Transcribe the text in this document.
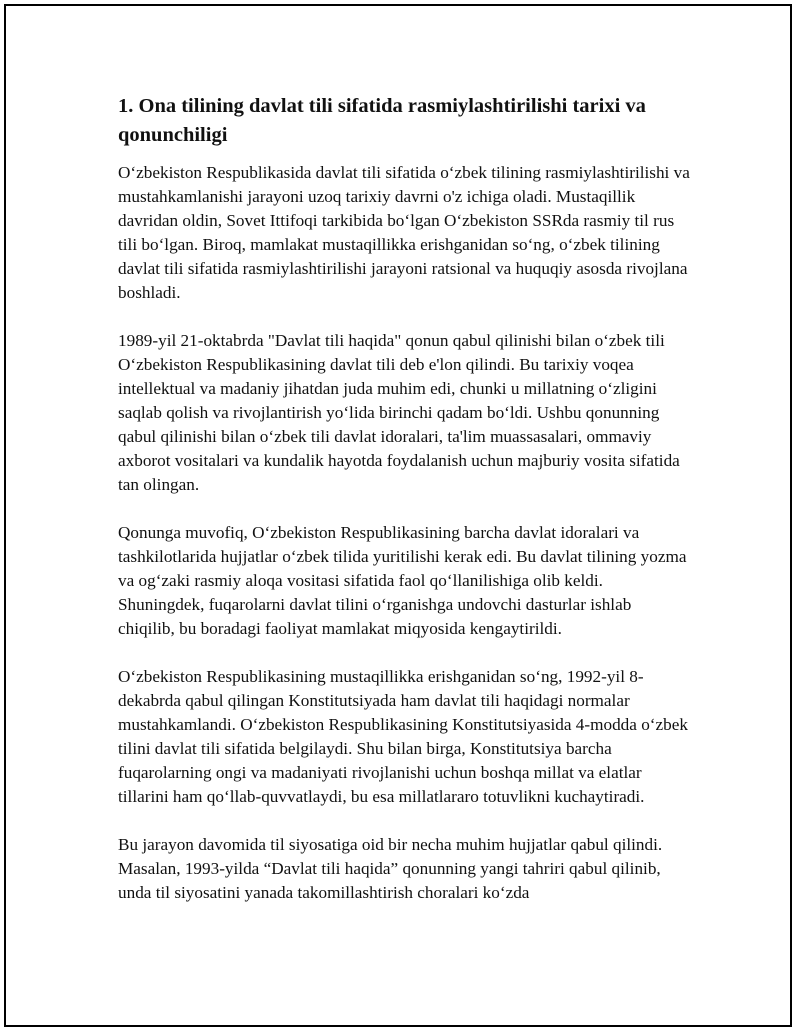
1. Ona tilining davlat tili sifatida rasmiylashtirilishi tarixi va qonunchiligi

O‘zbekiston Respublikasida davlat tili sifatida o‘zbek tilining rasmiylashtirilishi va mustahkamlanishi jarayoni uzoq tarixiy davrni o'z ichiga oladi. Mustaqillik davridan oldin, Sovet Ittifoqi tarkibida bo‘lgan O‘zbekiston SSRda rasmiy til rus tili bo‘lgan. Biroq, mamlakat mustaqillikka erishganidan so‘ng, o‘zbek tilining davlat tili sifatida rasmiylashtirilishi jarayoni ratsional va huquqiy asosda rivojlana boshladi.

1989-yil 21-oktabrda "Davlat tili haqida" qonun qabul qilinishi bilan o‘zbek tili O‘zbekiston Respublikasining davlat tili deb e'lon qilindi. Bu tarixiy voqea intellektual va madaniy jihatdan juda muhim edi, chunki u millatning o‘zligini saqlab qolish va rivojlantirish yo‘lida birinchi qadam bo‘ldi. Ushbu qonunning qabul qilinishi bilan o‘zbek tili davlat idoralari, ta'lim muassasalari, ommaviy axborot vositalari va kundalik hayotda foydalanish uchun majburiy vosita sifatida tan olingan.

Qonunga muvofiq, O‘zbekiston Respublikasining barcha davlat idoralari va tashkilotlarida hujjatlar o‘zbek tilida yuritilishi kerak edi. Bu davlat tilining yozma va og‘zaki rasmiy aloqa vositasi sifatida faol qo‘llanilishiga olib keldi. Shuningdek, fuqarolarni davlat tilini o‘rganishga undovchi dasturlar ishlab chiqilib, bu boradagi faoliyat mamlakat miqyosida kengaytirildi.

O‘zbekiston Respublikasining mustaqillikka erishganidan so‘ng, 1992-yil 8-dekabrda qabul qilingan Konstitutsiyada ham davlat tili haqidagi normalar mustahkamlandi. O‘zbekiston Respublikasining Konstitutsiyasida 4-modda o‘zbek tilini davlat tili sifatida belgilaydi. Shu bilan birga, Konstitutsiya barcha fuqarolarning ongi va madaniyati rivojlanishi uchun boshqa millat va elatlar tillarini ham qo‘llab-quvvatlaydi, bu esa millatlararo totuvlikni kuchaytiradi.

Bu jarayon davomida til siyosatiga oid bir necha muhim hujjatlar qabul qilindi. Masalan, 1993-yilda “Davlat tili haqida” qonunning yangi tahriri qabul qilinib, unda til siyosatini yanada takomillashtirish choralari ko‘zda
